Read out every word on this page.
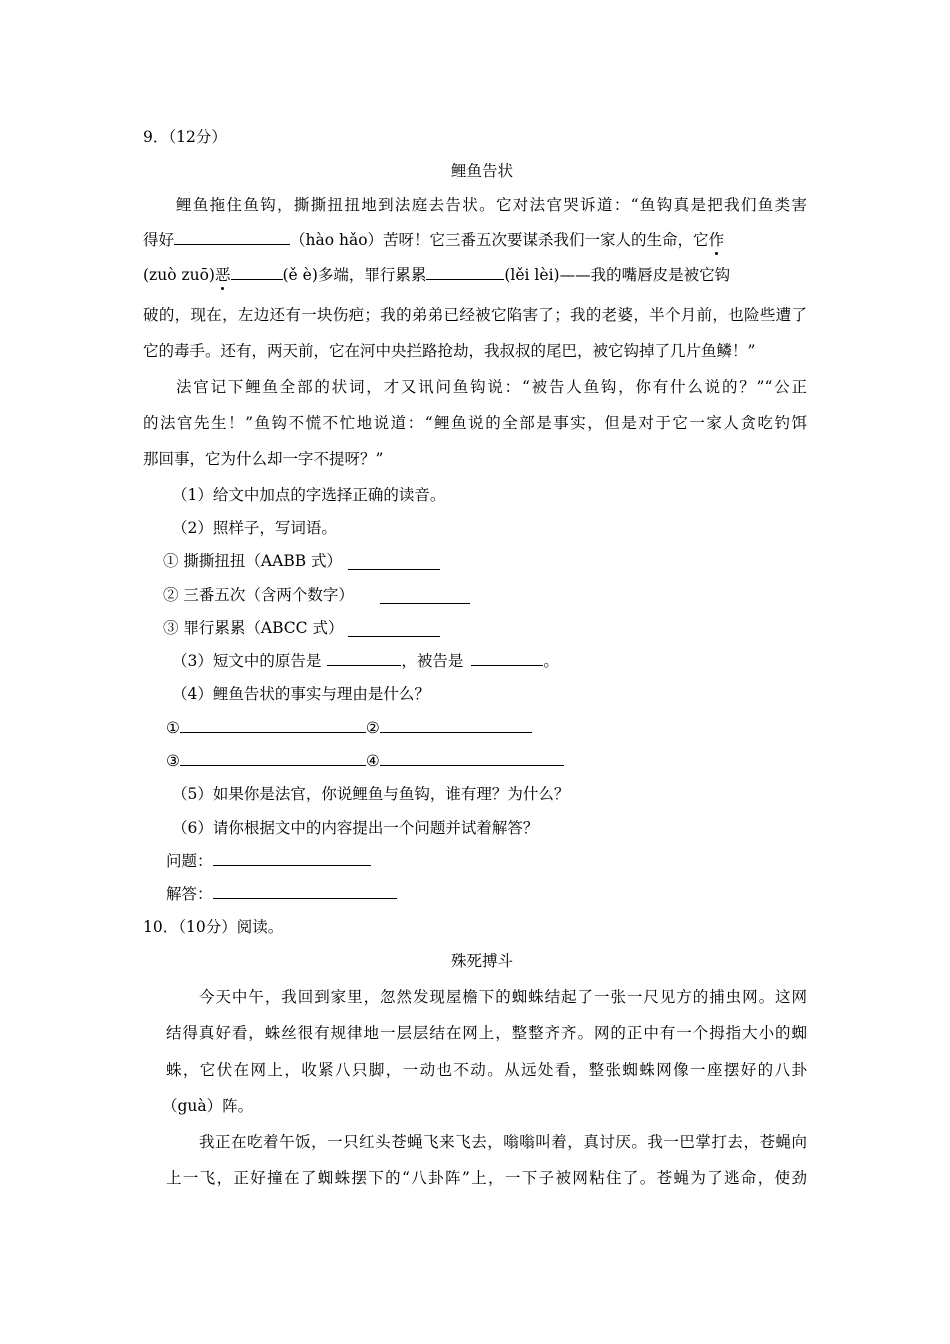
9．（12分）
鲤鱼告状
鲤鱼拖住鱼钩，撕撕扭扭地到法庭去告状。它对法官哭诉道：“鱼钩真是把我们鱼类害
得好	（hào hǎo）苦呀！它三番五次要谋杀我们一家人的生命，它作
(zuò zuō)恶	(ě è)多端，罪行累累	(lěi lèi)——我的嘴唇皮是被它钩
破的，现在，左边还有一块伤疤；我的弟弟已经被它陷害了；我的老婆，半个月前，也险些遭了
它的毒手。还有，两天前，它在河中央拦路抢劫，我叔叔的尾巴，被它钩掉了几片鱼鳞！”
法官记下鲤鱼全部的状词，才又讯问鱼钩说：“被告人鱼钩，你有什么说的？”“公正
的法官先生！”鱼钩不慌不忙地说道：“鲤鱼说的全部是事实，但是对于它一家人贪吃钓饵
那回事，它为什么却一字不提呀？”
（1）给文中加点的字选择正确的读音。
（2）照样子，写词语。
① 撕撕扭扭（AABB 式）
② 三番五次（含两个数字）
③ 罪行累累（ABCC 式）
（3）短文中的原告是	，被告是	。
（4）鲤鱼告状的事实与理由是什么？
①	②
③	④
（5）如果你是法官，你说鲤鱼与鱼钩，谁有理？为什么？
（6）请你根据文中的内容提出一个问题并试着解答？
问题：
解答：
10．（10分）阅读。
殊死搏斗
今天中午，我回到家里，忽然发现屋檐下的蜘蛛结起了一张一尺见方的捕虫网。这网
结得真好看，蛛丝很有规律地一层层结在网上，整整齐齐。网的正中有一个拇指大小的蜘
蛛，它伏在网上，收紧八只脚，一动也不动。从远处看，整张蜘蛛网像一座摆好的八卦
（guà）阵。
我正在吃着午饭，一只红头苍蝇飞来飞去，嗡嗡叫着，真讨厌。我一巴掌打去，苍蝇向
上一飞，正好撞在了蜘蛛摆下的“八卦阵”上，一下子被网粘住了。苍蝇为了逃命，使劲
